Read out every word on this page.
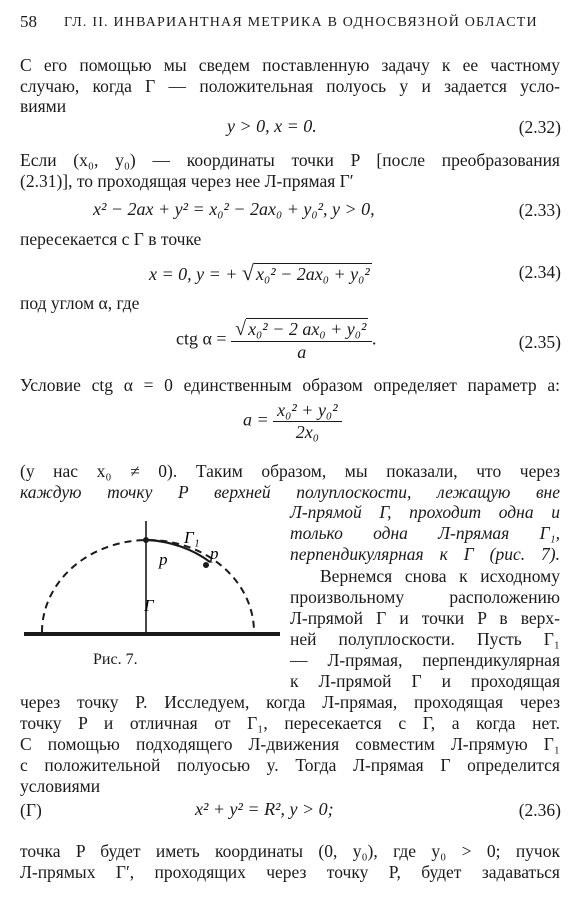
58 ГЛ. II. ИНВАРИАНТНАЯ МЕТРИКА В ОДНОСВЯЗНОЙ ОБЛАСТИ
С его помощью мы сведем поставленную задачу к ее частному
случаю, когда Γ — положительная полуось y и задается усло-
виями
y > 0, x = 0.	(2.32)
Если (x₀, y₀) — координаты точки P [после преобразования
(2.31)], то проходящая через нее Л-прямая Γ′
x² − 2ax + y² = x₀² − 2ax₀ + y₀², y > 0,	(2.33)
пересекается с Γ в точке
x = 0, y = + √ x₀² − 2ax₀ + y₀²	(2.34)
под углом α, где
ctg $\alpha = \frac{\text{√ x₀² − 2 ax₀ + y₀²}}{a}$ .	(2.35)
Условие ctg α = 0 единственным образом определяет параметр a:
$a = \frac{\text{x₀² + y₀²}}{\text{2x₀}}$
(у нас x₀ ≠ 0). Таким образом, мы показали, что через
каждую точку P верхней полуплоскости, лежащую вне
Л-прямой Γ, проходит одна и
только одна Л-прямая Γ₁,
перпендикулярная к Γ (рис. 7).
Вернемся снова к исходному
произвольному расположению
Л-прямой Γ и точки P в верх-
ней полуплоскости. Пусть Γ₁
— Л-прямая, перпендикулярная
к Л-прямой Γ и проходящая
p	p
Γ₁
Γ
Рис. 7.
через точку P. Исследуем, когда Л-прямая, проходящая через
точку P и отличная от Γ₁, пересекается с Γ, а когда нет.
С помощью подходящего Л-движения совместим Л-прямую Γ₁
с положительной полуосью y. Тогда Л-прямая Γ определится
условиями
(Γ)	x² + y² = R², y > 0;	(2.36)
точка P будет иметь координаты (0, y₀), где y₀ > 0; пучок
Л-прямых Γ′, проходящих через точку P, будет задаваться
